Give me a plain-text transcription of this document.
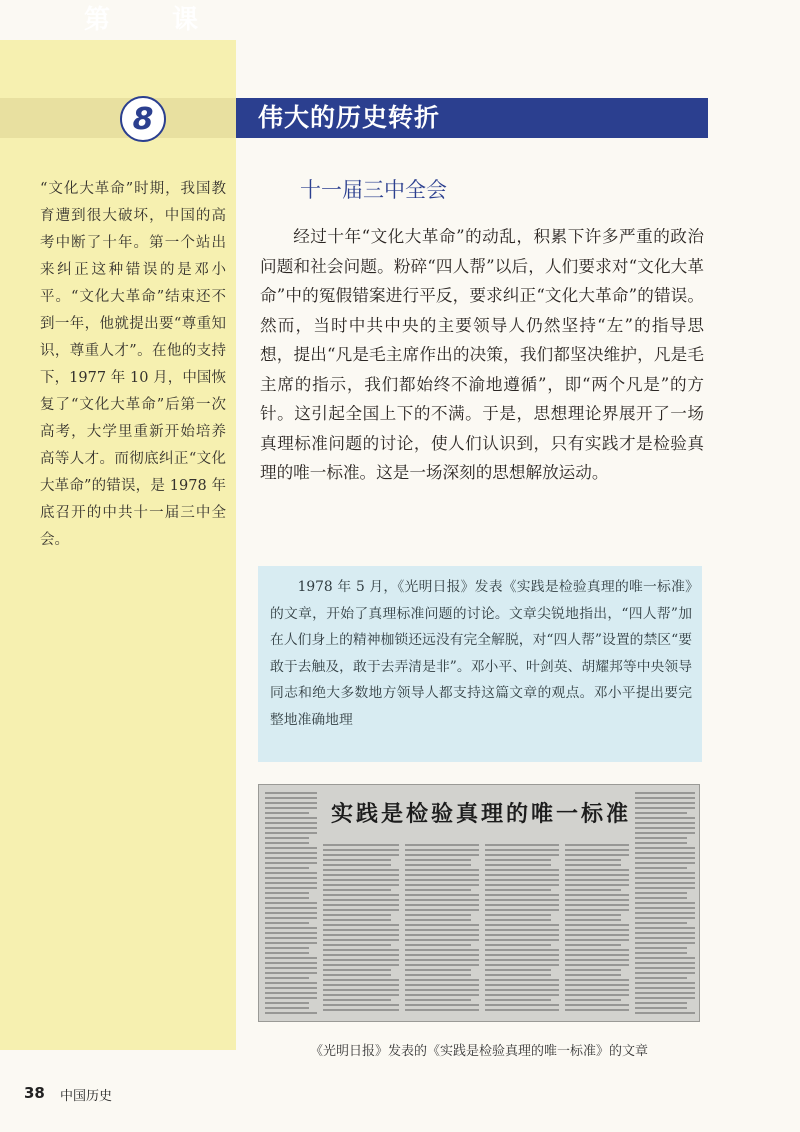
第
8
课
伟大的历史转折

“文化大革命”时期，我国教育遭到很大破坏，中国的高考中断了十年。第一个站出来纠正这种错误的是邓小平。“文化大革命”结束还不到一年，他就提出要“尊重知识，尊重人才”。在他的支持下，1977 年 10 月，中国恢复了“文化大革命”后第一次高考，大学里重新开始培养高等人才。而彻底纠正“文化大革命”的错误，是 1978 年底召开的中共十一届三中全会。

十一届三中全会

经过十年“文化大革命”的动乱，积累下许多严重的政治问题和社会问题。粉碎“四人帮”以后，人们要求对“文化大革命”中的冤假错案进行平反，要求纠正“文化大革命”的错误。然而，当时中共中央的主要领导人仍然坚持“左”的指导思想，提出“凡是毛主席作出的决策，我们都坚决维护，凡是毛主席的指示，我们都始终不渝地遵循”，即“两个凡是”的方针。这引起全国上下的不满。于是，思想理论界展开了一场真理标准问题的讨论，使人们认识到，只有实践才是检验真理的唯一标准。这是一场深刻的思想解放运动。

1978 年 5 月，《光明日报》发表《实践是检验真理的唯一标准》的文章，开始了真理标准问题的讨论。文章尖锐地指出，“四人帮”加在人们身上的精神枷锁还远没有完全解脱，对“四人帮”设置的禁区“要敢于去触及，敢于去弄清是非”。邓小平、叶剑英、胡耀邦等中央领导同志和绝大多数地方领导人都支持这篇文章的观点。邓小平提出要完整地准确地理

实践是检验真理的唯一标准

《光明日报》发表的《实践是检验真理的唯一标准》的文章

38 中国历史
